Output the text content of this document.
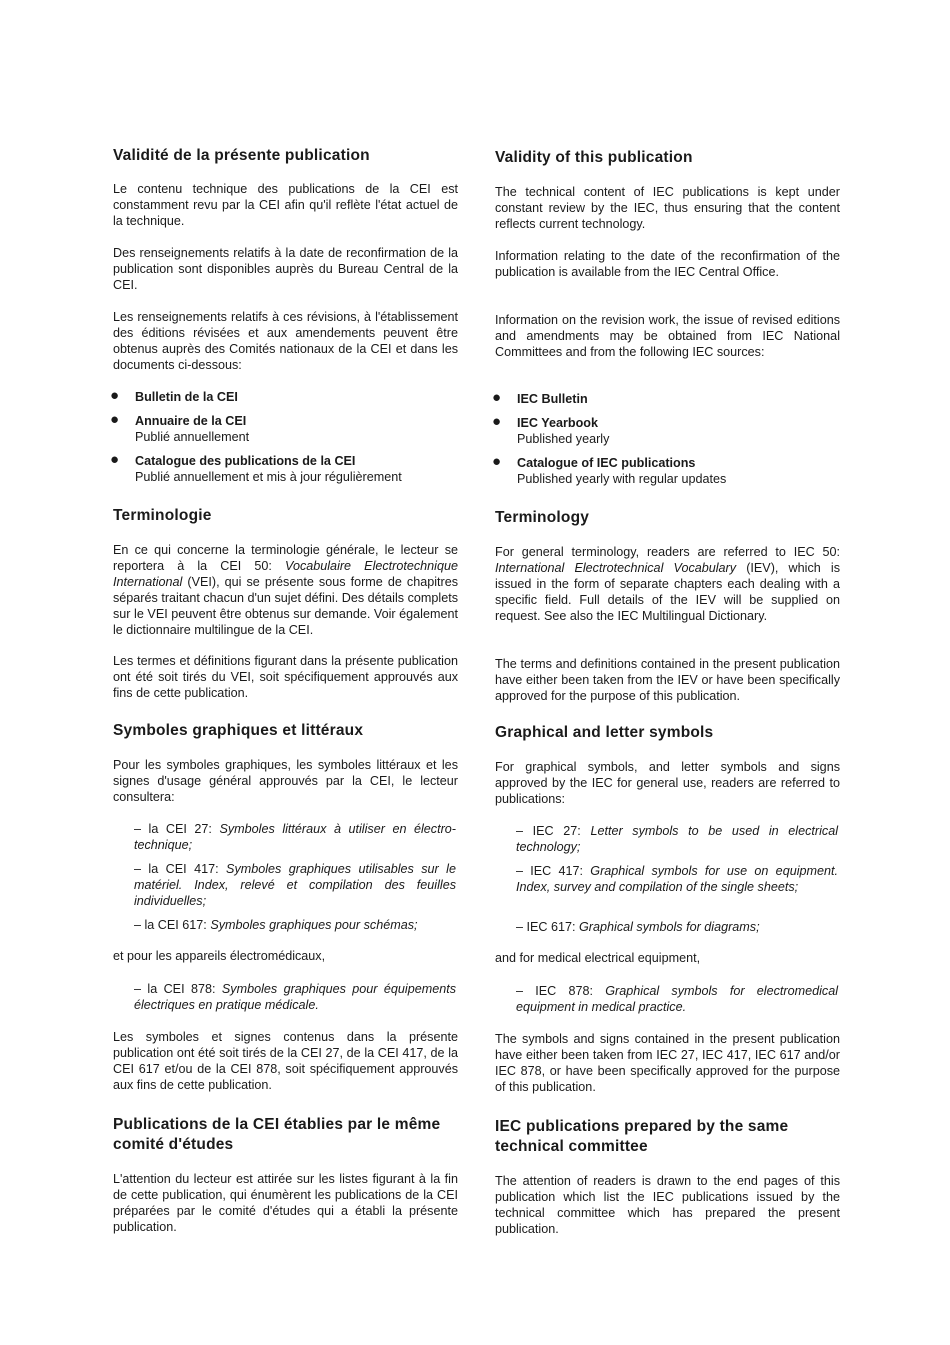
Validité de la présente publication
Le contenu technique des publications de la CEI est constamment revu par la CEI afin qu'il reflète l'état actuel de la technique.
Des renseignements relatifs à la date de reconfirmation de la publication sont disponibles auprès du Bureau Central de la CEI.
Les renseignements relatifs à ces révisions, à l'établissement des éditions révisées et aux amendements peuvent être obtenus auprès des Comités nationaux de la CEI et dans les documents ci-dessous:
● Bulletin de la CEI
● Annuaire de la CEI
Publié annuellement
● Catalogue des publications de la CEI
Publié annuellement et mis à jour régulièrement
Terminologie
En ce qui concerne la terminologie générale, le lecteur se reportera à la CEI 50: Vocabulaire Electrotechnique International (VEI), qui se présente sous forme de chapitres séparés traitant chacun d'un sujet défini. Des détails complets sur le VEI peuvent être obtenus sur demande. Voir également le dictionnaire multilingue de la CEI.
Les termes et définitions figurant dans la présente publication ont été soit tirés du VEI, soit spécifiquement approuvés aux fins de cette publication.
Symboles graphiques et littéraux
Pour les symboles graphiques, les symboles littéraux et les signes d'usage général approuvés par la CEI, le lecteur consultera:
– la CEI 27: Symboles littéraux à utiliser en électro-technique;
– la CEI 417: Symboles graphiques utilisables sur le matériel. Index, relevé et compilation des feuilles individuelles;
– la CEI 617: Symboles graphiques pour schémas;
et pour les appareils électromédicaux,
– la CEI 878: Symboles graphiques pour équipements électriques en pratique médicale.
Les symboles et signes contenus dans la présente publication ont été soit tirés de la CEI 27, de la CEI 417, de la CEI 617 et/ou de la CEI 878, soit spécifiquement approuvés aux fins de cette publication.
Publications de la CEI établies par le même comité d'études
L'attention du lecteur est attirée sur les listes figurant à la fin de cette publication, qui énumèrent les publications de la CEI préparées par le comité d'études qui a établi la présente publication.
Validity of this publication
The technical content of IEC publications is kept under constant review by the IEC, thus ensuring that the content reflects current technology.
Information relating to the date of the reconfirmation of the publication is available from the IEC Central Office.
Information on the revision work, the issue of revised editions and amendments may be obtained from IEC National Committees and from the following IEC sources:
● IEC Bulletin
● IEC Yearbook
Published yearly
● Catalogue of IEC publications
Published yearly with regular updates
Terminology
For general terminology, readers are referred to IEC 50: International Electrotechnical Vocabulary (IEV), which is issued in the form of separate chapters each dealing with a specific field. Full details of the IEV will be supplied on request. See also the IEC Multilingual Dictionary.
The terms and definitions contained in the present publication have either been taken from the IEV or have been specifically approved for the purpose of this publication.
Graphical and letter symbols
For graphical symbols, and letter symbols and signs approved by the IEC for general use, readers are referred to publications:
– IEC 27: Letter symbols to be used in electrical technology;
– IEC 417: Graphical symbols for use on equipment. Index, survey and compilation of the single sheets;
– IEC 617: Graphical symbols for diagrams;
and for medical electrical equipment,
– IEC 878: Graphical symbols for electromedical equipment in medical practice.
The symbols and signs contained in the present publication have either been taken from IEC 27, IEC 417, IEC 617 and/or IEC 878, or have been specifically approved for the purpose of this publication.
IEC publications prepared by the same technical committee
The attention of readers is drawn to the end pages of this publication which list the IEC publications issued by the technical committee which has prepared the present publication.
